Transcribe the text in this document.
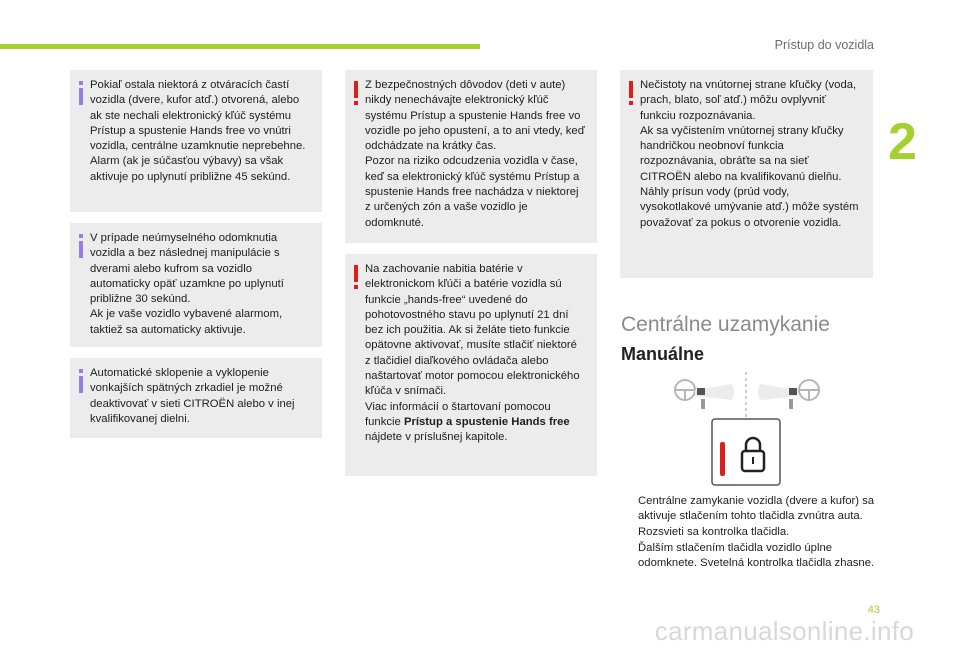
Prístup do vozidla
2

Pokiaľ ostala niektorá z otváracích častí vozidla (dvere, kufor atď.) otvorená, alebo ak ste nechali elektronický kľúč systému Prístup a spustenie Hands free vo vnútri vozidla, centrálne uzamknutie neprebehne.
Alarm (ak je súčasťou výbavy) sa však aktivuje po uplynutí približne 45 sekúnd.

V prípade neúmyselného odomknutia vozidla a bez následnej manipulácie s dverami alebo kufrom sa vozidlo automaticky opäť uzamkne po uplynutí približne 30 sekúnd.
Ak je vaše vozidlo vybavené alarmom, taktiež sa automaticky aktivuje.

Automatické sklopenie a vyklopenie vonkajších spätných zrkadiel je možné deaktivovať v sieti CITROËN alebo v inej kvalifikovanej dielni.

Z bezpečnostných dôvodov (deti v aute) nikdy nenechávajte elektronický kľúč systému Prístup a spustenie Hands free vo vozidle po jeho opustení, a to ani vtedy, keď odchádzate na krátky čas.
Pozor na riziko odcudzenia vozidla v čase, keď sa elektronický kľúč systému Prístup a spustenie Hands free nachádza v niektorej z určených zón a vaše vozidlo je odomknuté.

Na zachovanie nabitia batérie v elektronickom kľúči a batérie vozidla sú funkcie „hands-free“ uvedené do pohotovostného stavu po uplynutí 21 dní bez ich použitia. Ak si želáte tieto funkcie opätovne aktivovať, musíte stlačiť niektoré z tlačidiel diaľkového ovládača alebo naštartovať motor pomocou elektronického kľúča v snímači.
Viac informácií o štartovaní pomocou funkcie Prístup a spustenie Hands free nájdete v príslušnej kapitole.

Nečistoty na vnútornej strane kľučky (voda, prach, blato, soľ atď.) môžu ovplyvniť funkciu rozpoznávania.
Ak sa vyčistením vnútornej strany kľučky handričkou neobnoví funkcia rozpoznávania, obráťte sa na sieť CITROËN alebo na kvalifikovanú dielňu.
Náhly prísun vody (prúd vody, vysokotlakové umývanie atď.) môže systém považovať za pokus o otvorenie vozidla.

Centrálne uzamykanie
Manuálne
Centrálne zamykanie vozidla (dvere a kufor) sa aktivuje stlačením tohto tlačidla zvnútra auta. Rozsvieti sa kontrolka tlačidla.
Ďalším stlačením tlačidla vozidlo úplne odomknete. Svetelná kontrolka tlačidla zhasne.
43
carmanualsonline.info
